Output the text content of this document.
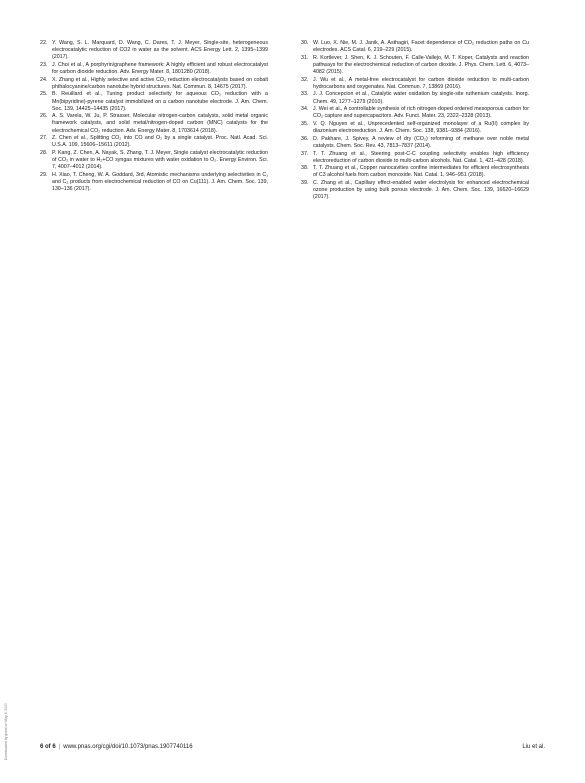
22. Y. Wang, S. L. Marquard, D. Wang, C. Dares, T. J. Meyer, Single-site, heterogeneous electrocatalytic reduction of CO2 in water as the solvent. ACS Energy Lett. 2, 1395–1399 (2017).
23. J. Choi et al., A porphyrin/graphene framework: A highly efficient and robust electrocatalyst for carbon dioxide reduction. Adv. Energy Mater. 8, 1801280 (2018).
24. X. Zhang et al., Highly selective and active CO₂ reduction electrocatalysts based on cobalt phthalocyanine/carbon nanotube hybrid structures. Nat. Commun. 8, 14675 (2017).
25. B. Reuillard et al., Tuning product selectivity for aqueous CO₂ reduction with a Mn(bipyridine)-pyrene catalyst immobilized on a carbon nanotube electrode. J. Am. Chem. Soc. 139, 14425–14435 (2017).
26. A. S. Varela, W. Ju, P. Strasser, Molecular nitrogen-carbon catalysts, solid metal organic framework catalysts, and solid metal/nitrogen-doped carbon (MNC) catalysts for the electrochemical CO₂ reduction. Adv. Energy Mater. 8, 1703614 (2018).
27. Z. Chen et al., Splitting CO₂ into CO and O₂ by a single catalyst. Proc. Natl. Acad. Sci. U.S.A. 109, 15606–15611 (2012).
28. P. Kang, Z. Chen, A. Nayak, S. Zhang, T. J. Meyer, Single catalyst electrocatalytic reduction of CO₂ in water to H₂+CO syngas mixtures with water oxidation to O₂. Energy Environ. Sci. 7, 4007–4012 (2014).
29. H. Xiao, T. Cheng, W. A. Goddard, 3rd, Atomistic mechanisms underlying selectivities in C₁ and C₂ products from electrochemical reduction of CO on Cu(111). J. Am. Chem. Soc. 139, 130–136 (2017).
30. W. Luo, X. Nie, M. J. Janik, A. Asthagiri, Facet dependence of CO₂ reduction paths on Cu electrodes. ACS Catal. 6, 219–229 (2015).
31. R. Kortlever, J. Shen, K. J. Schouten, F. Calle-Vallejo, M. T. Koper, Catalysts and reaction pathways for the electrochemical reduction of carbon dioxide. J. Phys. Chem. Lett. 6, 4073–4082 (2015).
32. J. Wu et al., A metal-free electrocatalyst for carbon dioxide reduction to multi-carbon hydrocarbons and oxygenates. Nat. Commun. 7, 13869 (2016).
33. J. J. Concepcion et al., Catalytic water oxidation by single-site ruthenium catalysts. Inorg. Chem. 49, 1277–1279 (2010).
34. J. Wei et al., A controllable synthesis of rich nitrogen-doped ordered mesoporous carbon for CO₂ capture and supercapacitors. Adv. Funct. Mater. 23, 2322–2328 (2013).
35. V. Q. Nguyen et al., Unprecedented self-organized monolayer of a Ru(II) complex by diazonium electroreduction. J. Am. Chem. Soc. 138, 9381–9384 (2016).
36. D. Pakhare, J. Spivey, A review of dry (CO₂) reforming of methane over noble metal catalysts. Chem. Soc. Rev. 43, 7813–7837 (2014).
37. T. T. Zhuang et al., Steering post-C-C coupling selectivity enables high efficiency electroreduction of carbon dioxide to multi-carbon alcohols. Nat. Catal. 1, 421–428 (2018).
38. T. T. Zhuang et al., Copper nanocavities confine intermediates for efficient electrosynthesis of C3 alcohol fuels from carbon monoxide. Nat. Catal. 1, 946–951 (2018).
39. C. Zhang et al., Capillary effect-enabled water electrolysis for enhanced electrochemical ozone production by using bulk porous electrode. J. Am. Chem. Soc. 139, 16620–16629 (2017).
Downloaded by guest on May 4, 2020	6 of 6 | www.pnas.org/cgi/doi/10.1073/pnas.1907740116	Liu et al.
